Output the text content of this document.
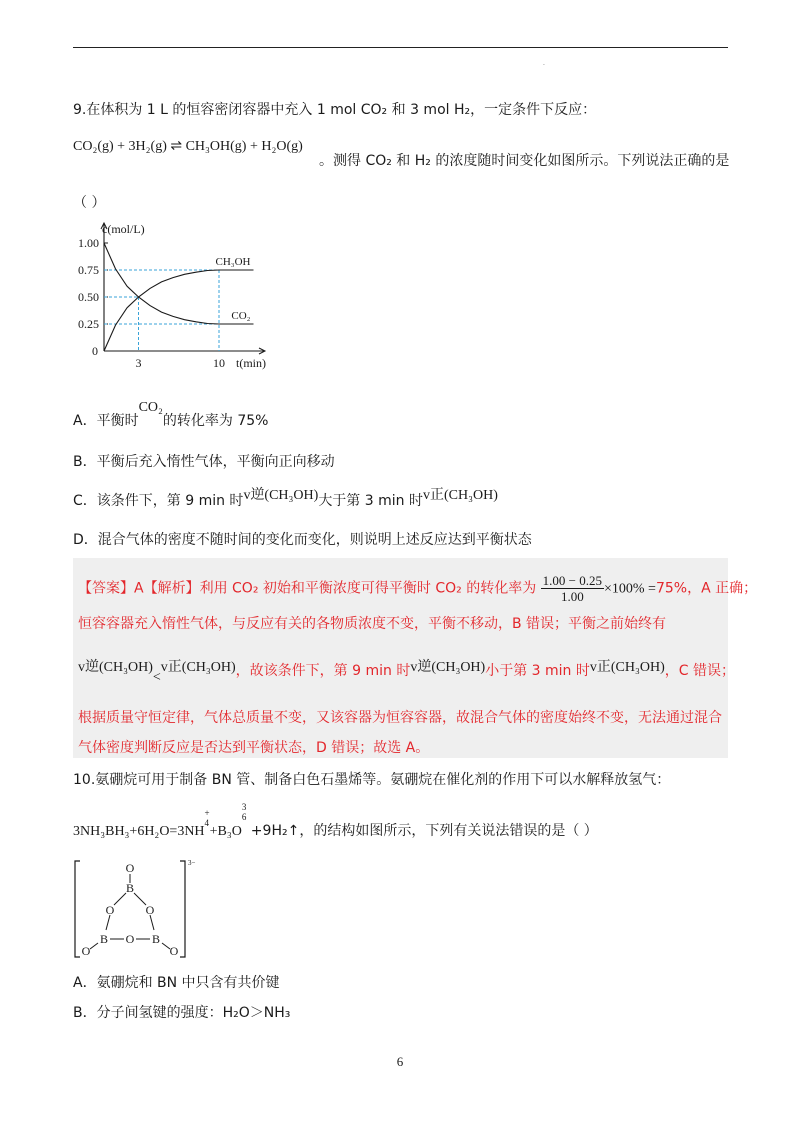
.
9.在体积为 1 L 的恒容密闭容器中充入 1 mol CO₂ 和 3 mol H₂，一定条件下反应：
CO₂(g) + 3H₂(g) ⇌ CH₃OH(g) + H₂O(g)
。测得 CO₂ 和 H₂ 的浓度随时间变化如图所示。下列说法正确的是
（ ）
1.00
0.75
0.50
0.25
0
3	10
CH₃OH
CO₂
c(mol/L)
t(min)
A．平衡时CO₂的转化率为 75%
B．平衡后充入惰性气体，平衡向正向移动
C．该条件下，第 9 min 时v逆(CH₃OH)大于第 3 min 时v正(CH₃OH)
D．混合气体的密度不随时间的变化而变化，则说明上述反应达到平衡状态
【答案】A【解析】利用 CO₂ 初始和平衡浓度可得平衡时 CO₂ 的转化率为 $\frac{1.00 - 0.25}{1.00} \times 100\% =75\%$，A 正确；
恒容容器充入惰性气体，与反应有关的各物质浓度不变，平衡不移动，B 错误；平衡之前始终有
v逆(CH₃OH)<v正(CH₃OH)，故该条件下，第 9 min 时v逆(CH₃OH)小于第 3 min 时v正(CH₃OH)，C 错误；
根据质量守恒定律，气体总质量不变，又该容器为恒容容器，故混合气体的密度始终不变，无法通过混合
气体密度判断反应是否达到平衡状态，D 错误；故选 A。
10.氨硼烷可用于制备 BN 管、制备白色石墨烯等。氨硼烷在催化剂的作用下可以水解释放氢气：
3NH₃BH₃+6H₂O=3NH
+
4
+B₃O
3
6
+9H₂↑，的结构如图所示，下列有关说法错误的是（ ）
O
B
O	O
B	B
O
O	O
3−
A．氨硼烷和 BN 中只含有共价键
B．分子间氢键的强度：H₂O＞NH₃
6
